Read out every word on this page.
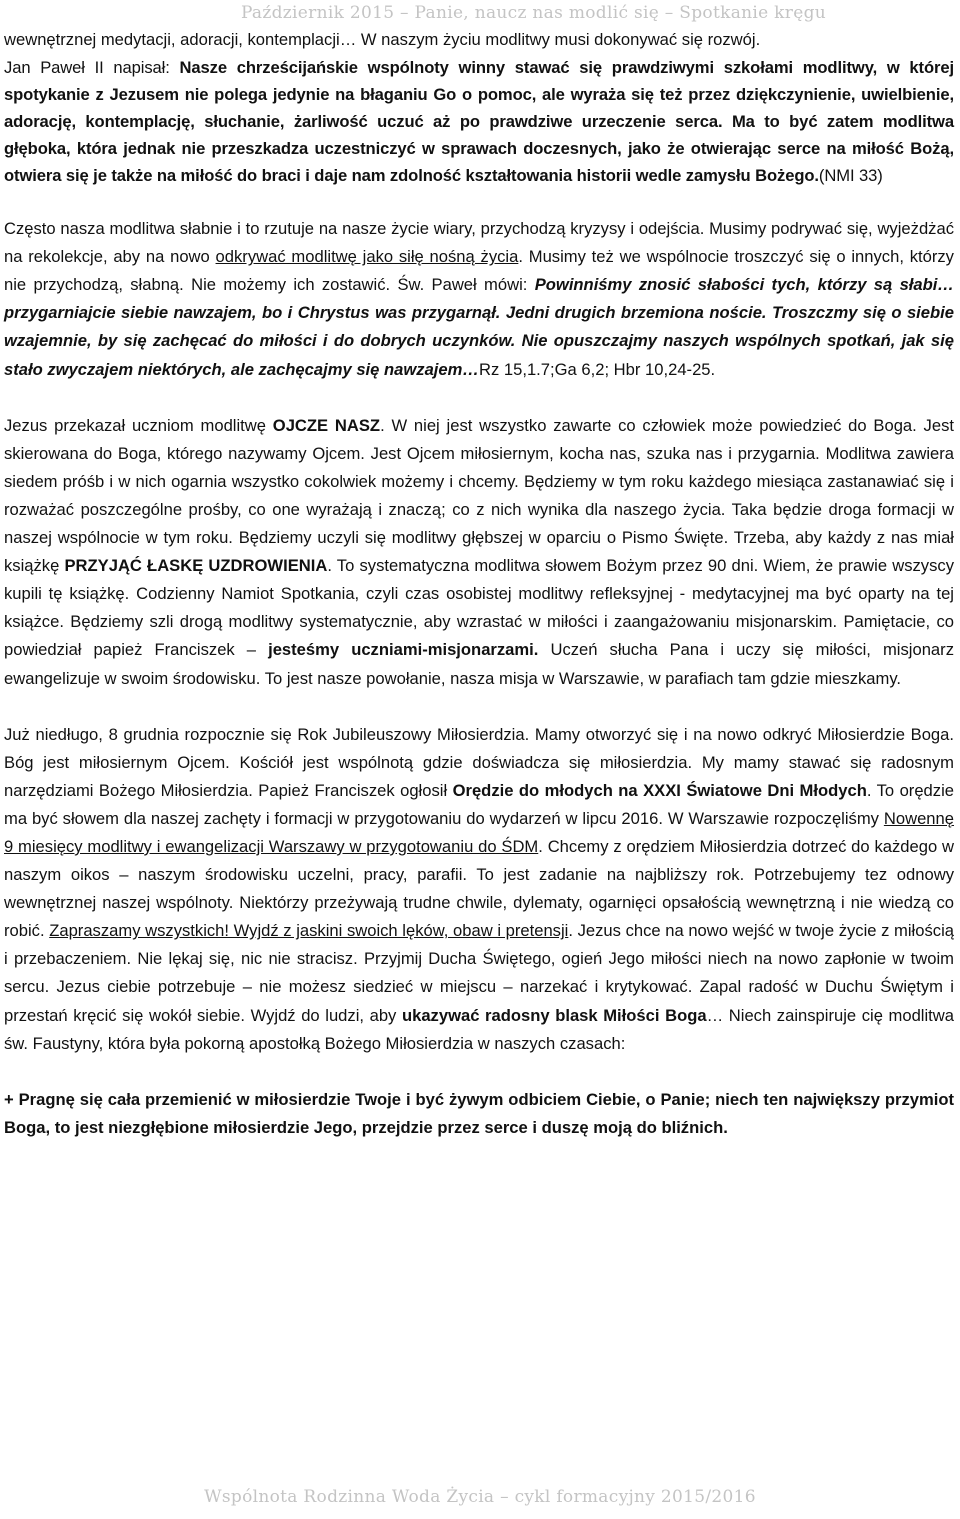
Październik 2015 – Panie, naucz nas modlić się – Spotkanie kręgu

wewnętrznej medytacji, adoracji, kontemplacji… W naszym życiu modlitwy musi dokonywać się rozwój.

Jan Paweł II napisał: Nasze chrześcijańskie wspólnoty winny stawać się prawdziwymi szkołami modlitwy, w której spotykanie z Jezusem nie polega jedynie na błaganiu Go o pomoc, ale wyraża się też przez dziękczynienie, uwielbienie, adorację, kontemplację, słuchanie, żarliwość uczuć aż po prawdziwe urzeczenie serca. Ma to być zatem modlitwa głęboka, która jednak nie przeszkadza uczestniczyć w sprawach doczesnych, jako że otwierając serce na miłość Bożą, otwiera się je także na miłość do braci i daje nam zdolność kształtowania historii wedle zamysłu Bożego.(NMI 33)

Często nasza modlitwa słabnie i to rzutuje na nasze życie wiary, przychodzą kryzysy i odejścia. Musimy podrywać się, wyjeżdżać na rekolekcje, aby na nowo odkrywać modlitwę jako siłę nośną życia. Musimy też we wspólnocie troszczyć się o innych, którzy nie przychodzą, słabną. Nie możemy ich zostawić. Św. Paweł mówi: Powinniśmy znosić słabości tych, którzy są słabi… przygarniajcie siebie nawzajem, bo i Chrystus was przygarnął. Jedni drugich brzemiona noście. Troszczmy się o siebie wzajemnie, by się zachęcać do miłości i do dobrych uczynków. Nie opuszczajmy naszych wspólnych spotkań, jak się stało zwyczajem niektórych, ale zachęcajmy się nawzajem…Rz 15,1.7;Ga 6,2; Hbr 10,24-25.

Jezus przekazał uczniom modlitwę OJCZE NASZ. W niej jest wszystko zawarte co człowiek może powiedzieć do Boga. Jest skierowana do Boga, którego nazywamy Ojcem. Jest Ojcem miłosiernym, kocha nas, szuka nas i przygarnia. Modlitwa zawiera siedem próśb i w nich ogarnia wszystko cokolwiek możemy i chcemy. Będziemy w tym roku każdego miesiąca zastanawiać się i rozważać poszczególne prośby, co one wyrażają i znaczą; co z nich wynika dla naszego życia. Taka będzie droga formacji w naszej wspólnocie w tym roku. Będziemy uczyli się modlitwy głębszej w oparciu o Pismo Święte. Trzeba, aby każdy z nas miał książkę PRZYJĄĆ ŁASKĘ UZDROWIENIA. To systematyczna modlitwa słowem Bożym przez 90 dni. Wiem, że prawie wszyscy kupili tę książkę. Codzienny Namiot Spotkania, czyli czas osobistej modlitwy refleksyjnej - medytacyjnej ma być oparty na tej książce. Będziemy szli drogą modlitwy systematycznie, aby wzrastać w miłości i zaangażowaniu misjonarskim. Pamiętacie, co powiedział papież Franciszek – jesteśmy uczniami-misjonarzami. Uczeń słucha Pana i uczy się miłości, misjonarz ewangelizuje w swoim środowisku. To jest nasze powołanie, nasza misja w Warszawie, w parafiach tam gdzie mieszkamy.

Już niedługo, 8 grudnia rozpocznie się Rok Jubileuszowy Miłosierdzia. Mamy otworzyć się i na nowo odkryć Miłosierdzie Boga. Bóg jest miłosiernym Ojcem. Kościół jest wspólnotą gdzie doświadcza się miłosierdzia. My mamy stawać się radosnym narzędziami Bożego Miłosierdzia. Papież Franciszek ogłosił Orędzie do młodych na XXXI Światowe Dni Młodych. To orędzie ma być słowem dla naszej zachęty i formacji w przygotowaniu do wydarzeń w lipcu 2016. W Warszawie rozpoczęliśmy Nowennę 9 miesięcy modlitwy i ewangelizacji Warszawy w przygotowaniu do ŚDM. Chcemy z orędziem Miłosierdzia dotrzeć do każdego w naszym oikos – naszym środowisku uczelni, pracy, parafii. To jest zadanie na najbliższy rok. Potrzebujemy tez odnowy wewnętrznej naszej wspólnoty. Niektórzy przeżywają trudne chwile, dylematy, ogarnięci opsałością wewnętrzną i nie wiedzą co robić. Zapraszamy wszystkich! Wyjdź z jaskini swoich lęków, obaw i pretensji. Jezus chce na nowo wejść w twoje życie z miłością i przebaczeniem. Nie lękaj się, nic nie stracisz. Przyjmij Ducha Świętego, ogień Jego miłości niech na nowo zapłonie w twoim sercu. Jezus ciebie potrzebuje – nie możesz siedzieć w miejscu – narzekać i krytykować. Zapal radość w Duchu Świętym i przestań kręcić się wokół siebie. Wyjdź do ludzi, aby ukazywać radosny blask Miłości Boga… Niech zainspiruje cię modlitwa św. Faustyny, która była pokorną apostołką Bożego Miłosierdzia w naszych czasach:

+ Pragnę się cała przemienić w miłosierdzie Twoje i być żywym odbiciem Ciebie, o Panie; niech ten największy przymiot Boga, to jest niezgłębione miłosierdzie Jego, przejdzie przez serce i duszę moją do bliźnich.

Wspólnota Rodzinna Woda Życia – cykl formacyjny 2015/2016
